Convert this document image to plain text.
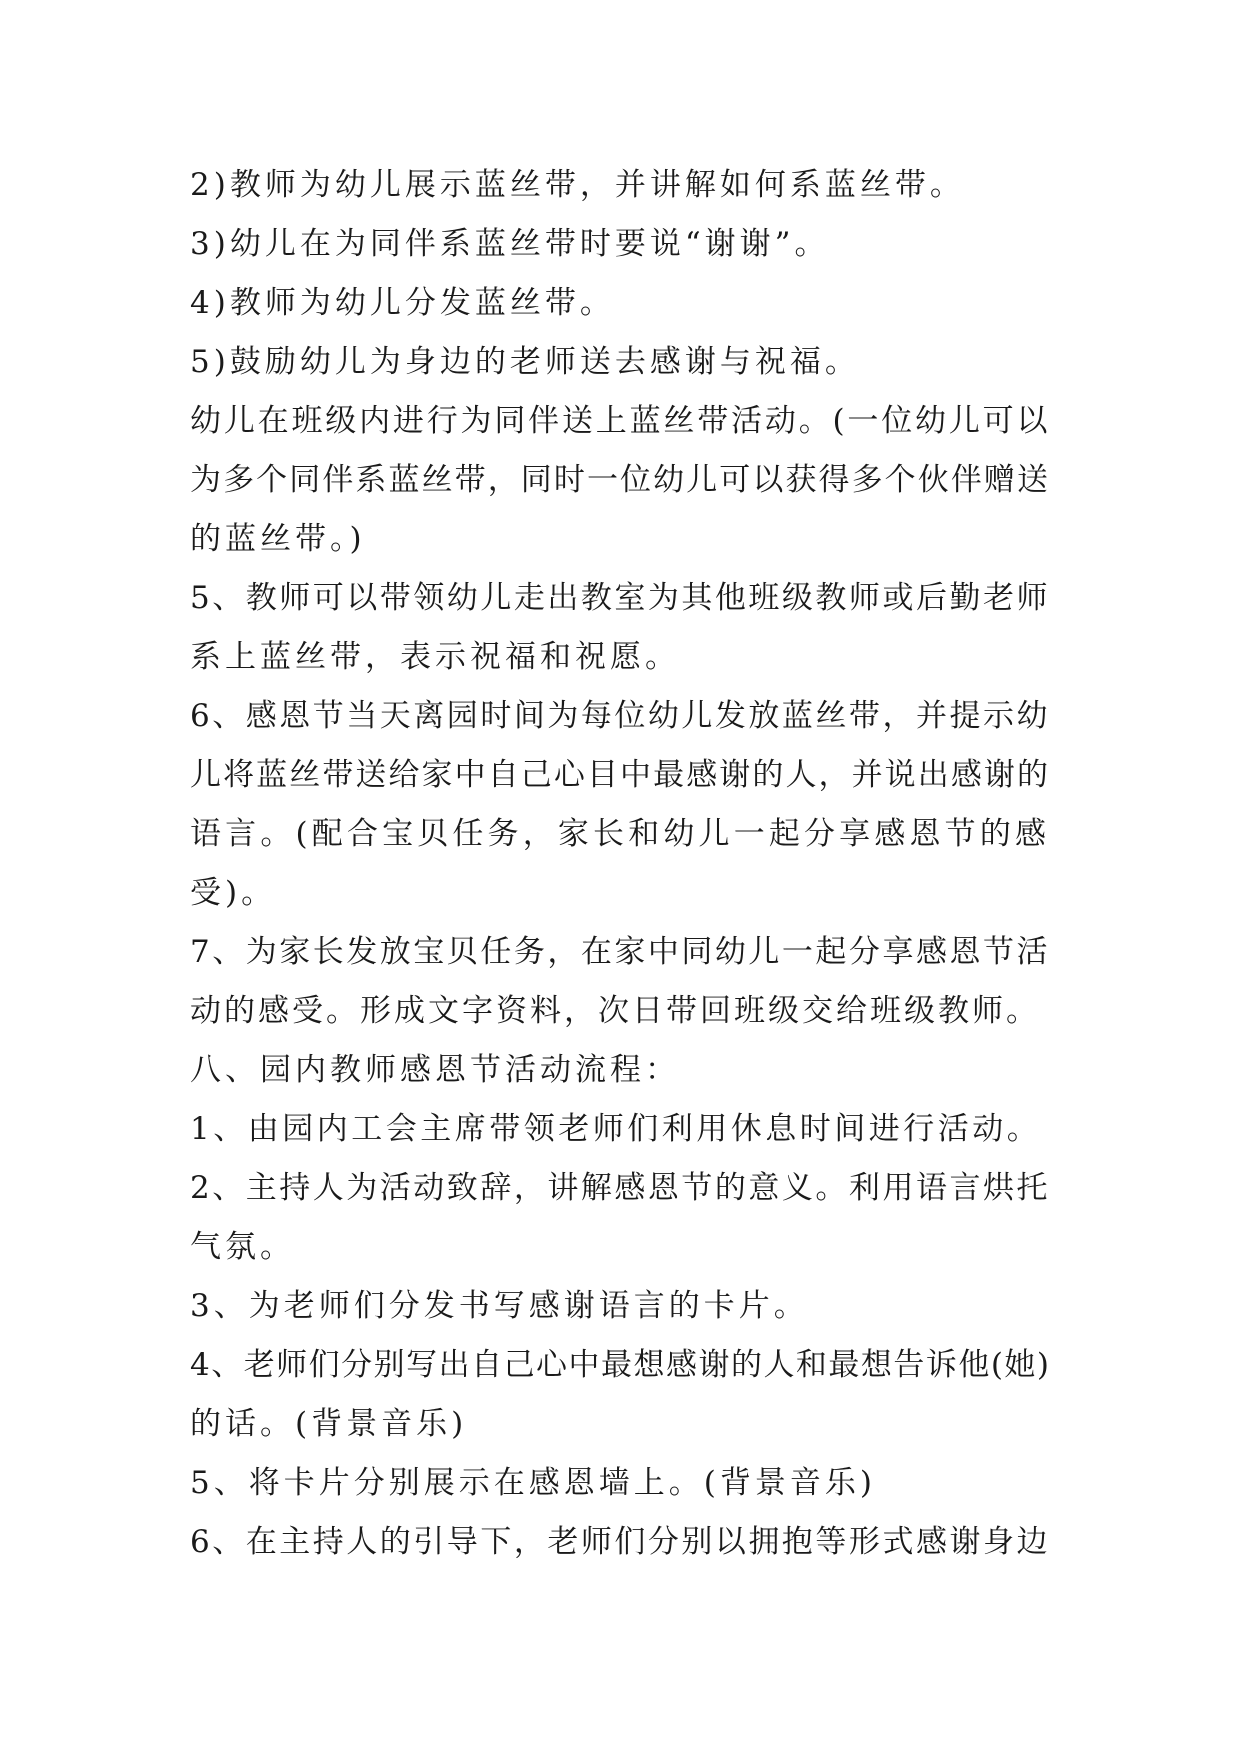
2)教师为幼儿展示蓝丝带，并讲解如何系蓝丝带。
3)幼儿在为同伴系蓝丝带时要说“谢谢”。
4)教师为幼儿分发蓝丝带。
5)鼓励幼儿为身边的老师送去感谢与祝福。
幼儿在班级内进行为同伴送上蓝丝带活动。(一位幼儿可以
为多个同伴系蓝丝带，同时一位幼儿可以获得多个伙伴赠送
的蓝丝带。)
5、教师可以带领幼儿走出教室为其他班级教师或后勤老师
系上蓝丝带，表示祝福和祝愿。
6、感恩节当天离园时间为每位幼儿发放蓝丝带，并提示幼
儿将蓝丝带送给家中自己心目中最感谢的人，并说出感谢的
语言。(配合宝贝任务，家长和幼儿一起分享感恩节的感
受)。
7、为家长发放宝贝任务，在家中同幼儿一起分享感恩节活
动的感受。形成文字资料，次日带回班级交给班级教师。
八、园内教师感恩节活动流程：
1、由园内工会主席带领老师们利用休息时间进行活动。
2、主持人为活动致辞，讲解感恩节的意义。利用语言烘托
气氛。
3、为老师们分发书写感谢语言的卡片。
4、老师们分别写出自己心中最想感谢的人和最想告诉他(她)
的话。(背景音乐)
5、将卡片分别展示在感恩墙上。(背景音乐)
6、在主持人的引导下，老师们分别以拥抱等形式感谢身边
